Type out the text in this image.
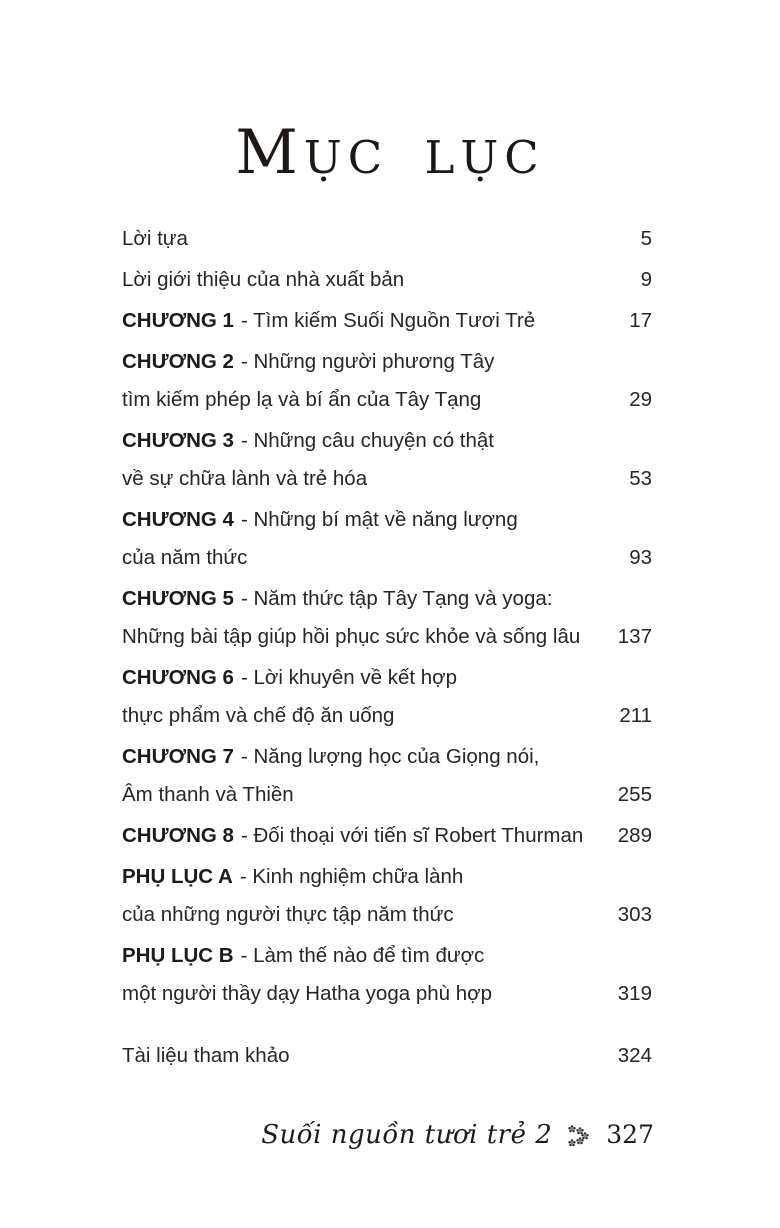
MỤC LỤC
Lời tựa	5
Lời giới thiệu của nhà xuất bản	9
CHƯƠNG 1 - Tìm kiếm Suối Nguồn Tươi Trẻ	17
CHƯƠNG 2 - Những người phương Tây
tìm kiếm phép lạ và bí ẩn của Tây Tạng	29
CHƯƠNG 3 - Những câu chuyện có thật
về sự chữa lành và trẻ hóa	53
CHƯƠNG 4 - Những bí mật về năng lượng
của năm thức	93
CHƯƠNG 5 - Năm thức tập Tây Tạng và yoga:
Những bài tập giúp hồi phục sức khỏe và sống lâu	137
CHƯƠNG 6 - Lời khuyên về kết hợp
thực phẩm và chế độ ăn uống	211
CHƯƠNG 7 - Năng lượng học của Giọng nói,
Âm thanh và Thiền	255
CHƯƠNG 8 - Đối thoại với tiến sĩ Robert Thurman	289
PHỤ LỤC A - Kinh nghiệm chữa lành
của những người thực tập năm thức	303
PHỤ LỤC B - Làm thế nào để tìm được
một người thầy dạy Hatha yoga phù hợp	319
Tài liệu tham khảo	324
Suối nguồn tươi trẻ 2 327
